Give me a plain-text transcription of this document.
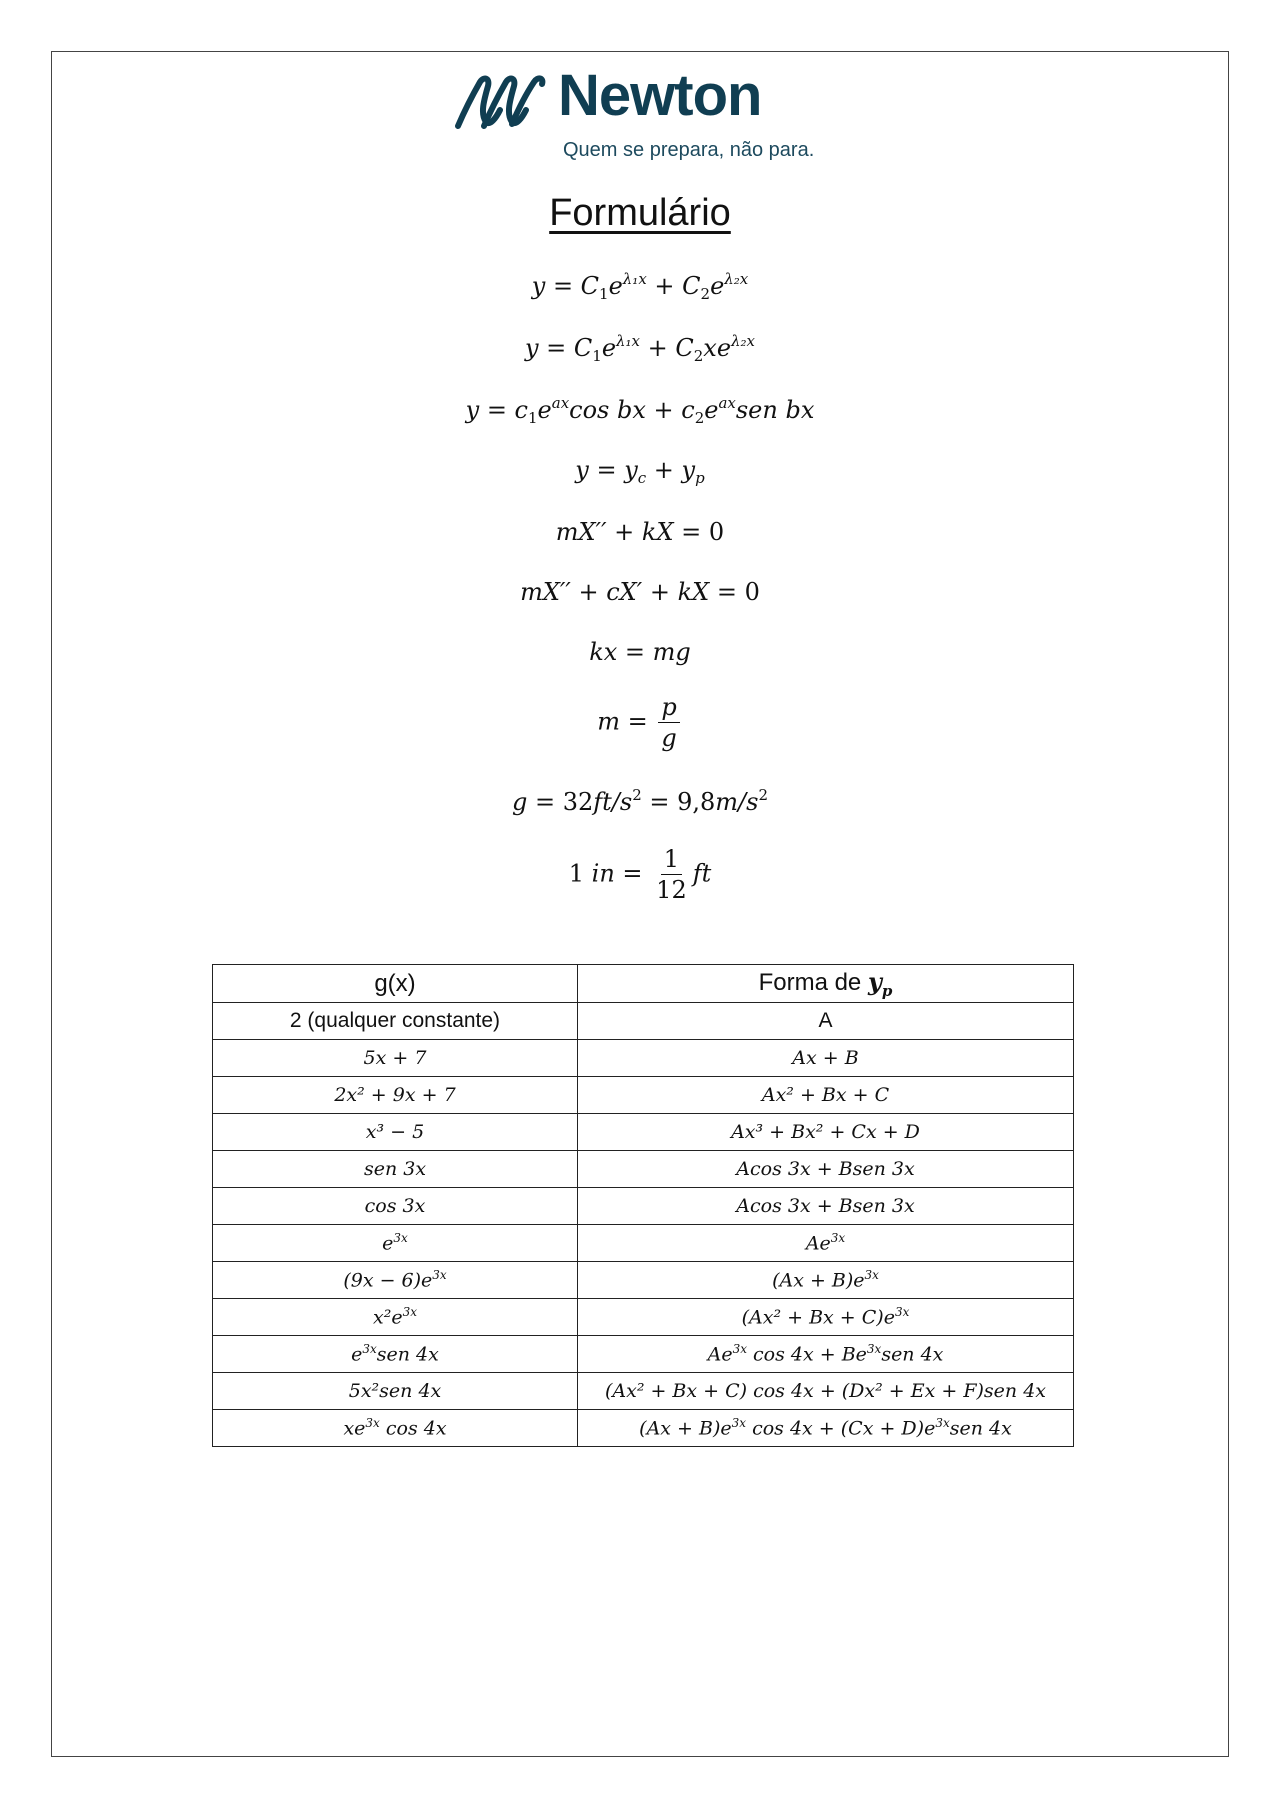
Newton
Quem se prepara, não para.
Formulário
$y = C_1e^{\lambda_1x} + C_2e^{\lambda_2x}$
$y = C_1e^{\lambda_1x} + C_2xe^{\lambda_2x}$
$y = c_1e^{ax}\cos$ bx + $c_2e^{ax}sen$ bx
$y = y_c + y_p$
mX′′ + kX = 0
mX′′ + cX′ + kX = 0
kx = mg
$m = \frac{p}{g}$
$g = 32ft/s^2 = 9,8m/s^2$
1 in = $\frac{1}{12}$ ft
g(x)	Forma de $y_p$
2 (qualquer constante)	A
5x + 7	Ax + B
2x² + 9x + 7	Ax² + Bx + C
x³ − 5	Ax³ + Bx² + Cx + D
sen 3x	Acos 3x + Bsen 3x
cos 3x	Acos 3x + Bsen 3x
$e^{3x}$	$Ae^{3x}$
$(9x - 6)e^{3x}$	$(Ax + B)e^{3x}$
$x^2e^{3x}$	$(Ax^2 + Bx + C)e^{3x}$
$e^{3x}sen$ 4x	$Ae^{3x}$ $\cos 4x + Be^{3x}sen$ 4x
5x²sen 4x	(Ax² + Bx + C) cos 4x + (Dx² + Ex + F)sen 4x
$xe^{3x}$ cos 4x	$(Ax + B)e^{3x}$ $\cos 4x + (Cx + D)e^{3x}sen$ 4x
